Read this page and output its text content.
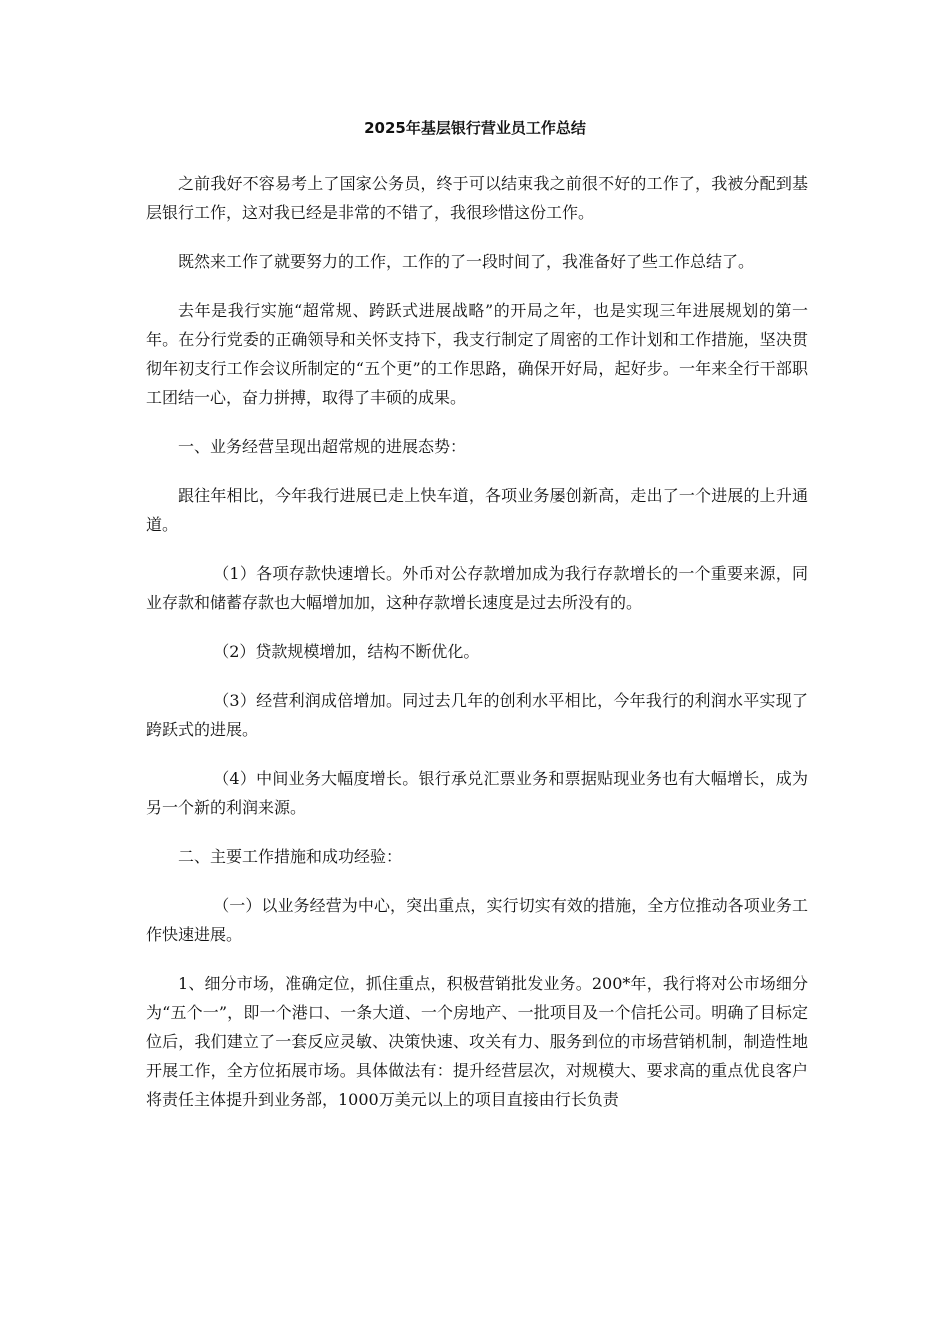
2025年基层银行营业员工作总结

之前我好不容易考上了国家公务员，终于可以结束我之前很不好的工作了，我被分配到基层银行工作，这对我已经是非常的不错了，我很珍惜这份工作。

既然来工作了就要努力的工作，工作的了一段时间了，我准备好了些工作总结了。

去年是我行实施“超常规、跨跃式进展战略”的开局之年，也是实现三年进展规划的第一年。在分行党委的正确领导和关怀支持下，我支行制定了周密的工作计划和工作措施，坚决贯彻年初支行工作会议所制定的“五个更”的工作思路，确保开好局，起好步。一年来全行干部职工团结一心，奋力拼搏，取得了丰硕的成果。

一、业务经营呈现出超常规的进展态势：

跟往年相比，今年我行进展已走上快车道，各项业务屡创新高，走出了一个进展的上升通道。

（1）各项存款快速增长。外币对公存款增加成为我行存款增长的一个重要来源，同业存款和储蓄存款也大幅增加加，这种存款增长速度是过去所没有的。

（2）贷款规模增加，结构不断优化。

（3）经营利润成倍增加。同过去几年的创利水平相比，今年我行的利润水平实现了跨跃式的进展。

（4）中间业务大幅度增长。银行承兑汇票业务和票据贴现业务也有大幅增长，成为另一个新的利润来源。

二、主要工作措施和成功经验：

（一）以业务经营为中心，突出重点，实行切实有效的措施，全方位推动各项业务工作快速进展。

1、细分市场，准确定位，抓住重点，积极营销批发业务。200*年，我行将对公市场细分为“五个一”，即一个港口、一条大道、一个房地产、一批项目及一个信托公司。明确了目标定位后，我们建立了一套反应灵敏、决策快速、攻关有力、服务到位的市场营销机制，制造性地开展工作，全方位拓展市场。具体做法有：提升经营层次，对规模大、要求高的重点优良客户将责任主体提升到业务部，1000万美元以上的项目直接由行长负责
